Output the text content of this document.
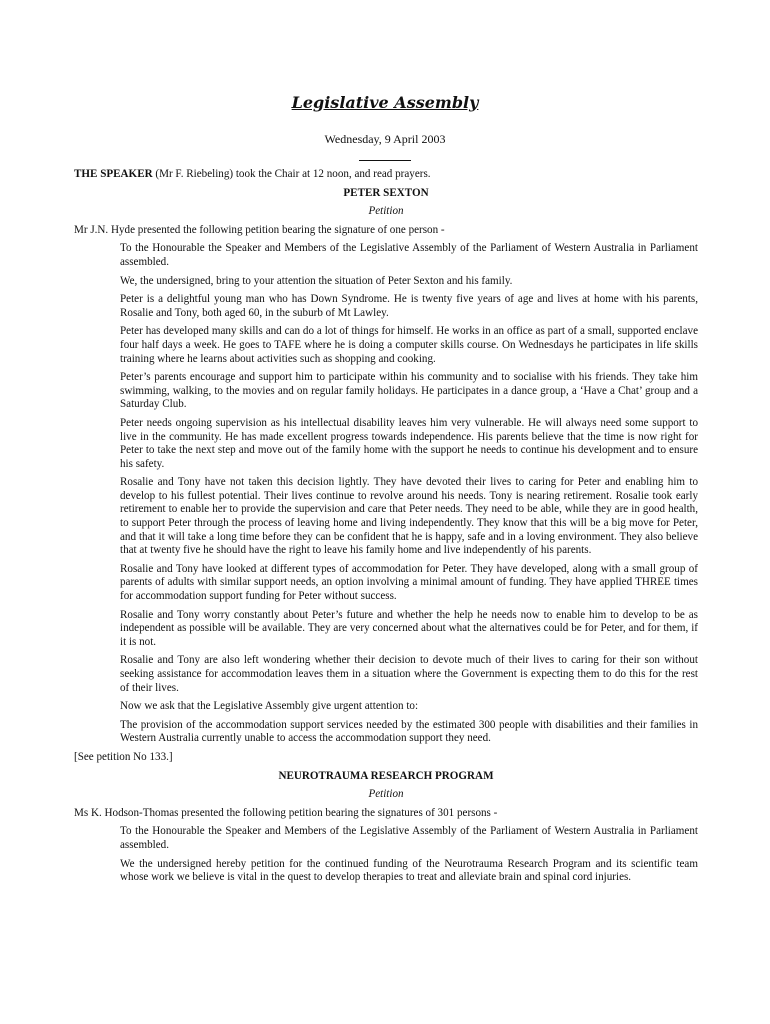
Legislative Assembly
Wednesday, 9 April 2003

THE SPEAKER (Mr F. Riebeling) took the Chair at 12 noon, and read prayers.

PETER SEXTON

Petition

Mr J.N. Hyde presented the following petition bearing the signature of one person -

To the Honourable the Speaker and Members of the Legislative Assembly of the Parliament of Western Australia in Parliament assembled.

We, the undersigned, bring to your attention the situation of Peter Sexton and his family.

Peter is a delightful young man who has Down Syndrome. He is twenty five years of age and lives at home with his parents, Rosalie and Tony, both aged 60, in the suburb of Mt Lawley.

Peter has developed many skills and can do a lot of things for himself. He works in an office as part of a small, supported enclave four half days a week. He goes to TAFE where he is doing a computer skills course. On Wednesdays he participates in life skills training where he learns about activities such as shopping and cooking.

Peter’s parents encourage and support him to participate within his community and to socialise with his friends. They take him swimming, walking, to the movies and on regular family holidays. He participates in a dance group, a ‘Have a Chat’ group and a Saturday Club.

Peter needs ongoing supervision as his intellectual disability leaves him very vulnerable. He will always need some support to live in the community. He has made excellent progress towards independence. His parents believe that the time is now right for Peter to take the next step and move out of the family home with the support he needs to continue his development and to ensure his safety.

Rosalie and Tony have not taken this decision lightly. They have devoted their lives to caring for Peter and enabling him to develop to his fullest potential. Their lives continue to revolve around his needs. Tony is nearing retirement. Rosalie took early retirement to enable her to provide the supervision and care that Peter needs. They need to be able, while they are in good health, to support Peter through the process of leaving home and living independently. They know that this will be a big move for Peter, and that it will take a long time before they can be confident that he is happy, safe and in a loving environment. They also believe that at twenty five he should have the right to leave his family home and live independently of his parents.

Rosalie and Tony have looked at different types of accommodation for Peter. They have developed, along with a small group of parents of adults with similar support needs, an option involving a minimal amount of funding. They have applied THREE times for accommodation support funding for Peter without success.

Rosalie and Tony worry constantly about Peter’s future and whether the help he needs now to enable him to develop to be as independent as possible will be available. They are very concerned about what the alternatives could be for Peter, and for them, if it is not.

Rosalie and Tony are also left wondering whether their decision to devote much of their lives to caring for their son without seeking assistance for accommodation leaves them in a situation where the Government is expecting them to do this for the rest of their lives.

Now we ask that the Legislative Assembly give urgent attention to:

The provision of the accommodation support services needed by the estimated 300 people with disabilities and their families in Western Australia currently unable to access the accommodation support they need.

[See petition No 133.]

NEUROTRAUMA RESEARCH PROGRAM

Petition

Ms K. Hodson-Thomas presented the following petition bearing the signatures of 301 persons -

To the Honourable the Speaker and Members of the Legislative Assembly of the Parliament of Western Australia in Parliament assembled.

We the undersigned hereby petition for the continued funding of the Neurotrauma Research Program and its scientific team whose work we believe is vital in the quest to develop therapies to treat and alleviate brain and spinal cord injuries.
